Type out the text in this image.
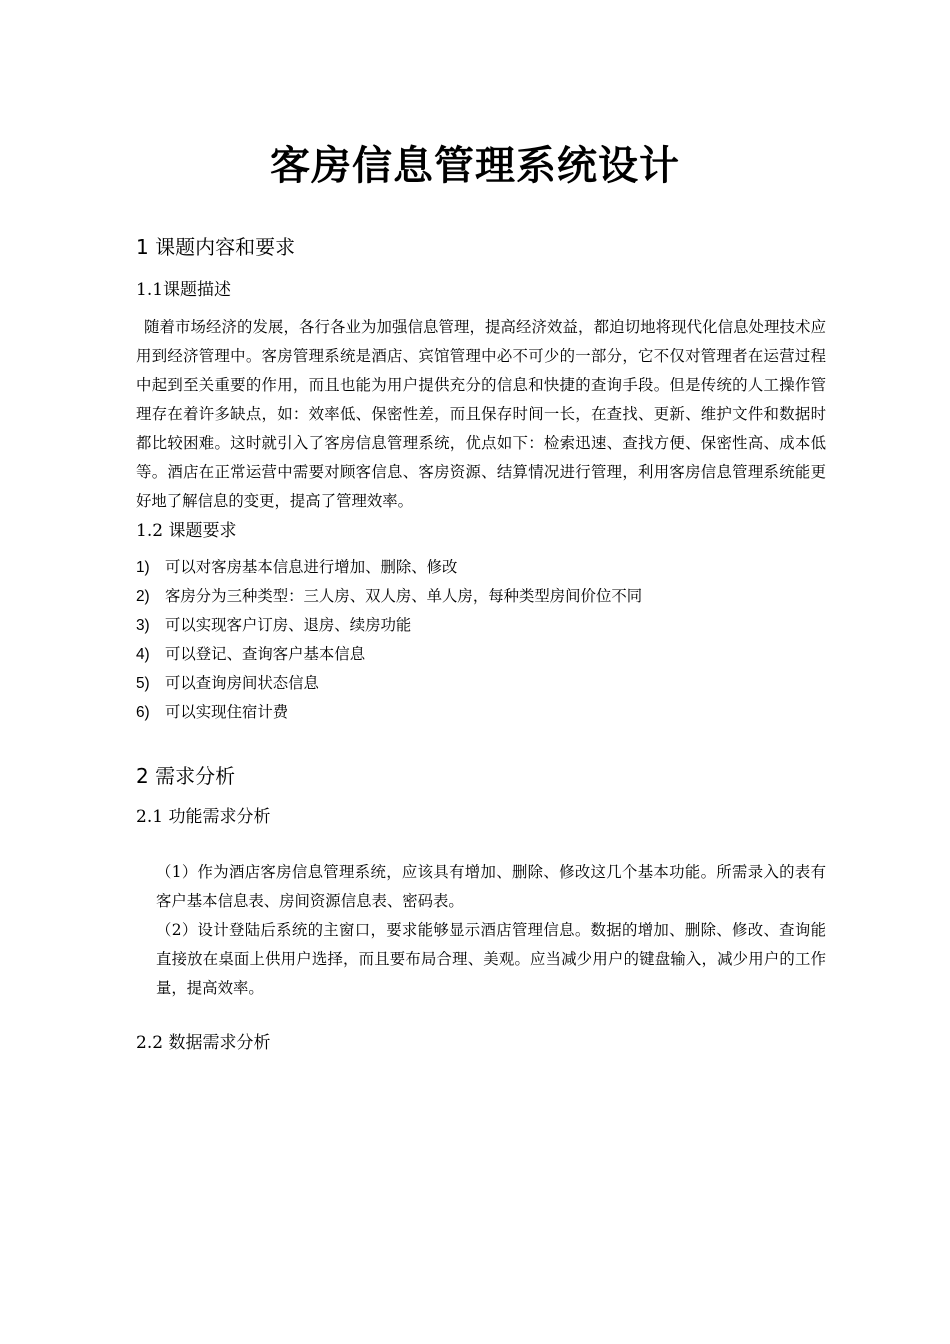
客房信息管理系统设计
1 课题内容和要求
1.1课题描述
随着市场经济的发展，各行各业为加强信息管理，提高经济效益，都迫切地将现代化信息处理技术应用到经济管理中。客房管理系统是酒店、宾馆管理中必不可少的一部分，它不仅对管理者在运营过程中起到至关重要的作用，而且也能为用户提供充分的信息和快捷的查询手段。但是传统的人工操作管理存在着许多缺点，如：效率低、保密性差，而且保存时间一长，在查找、更新、维护文件和数据时都比较困难。这时就引入了客房信息管理系统，优点如下：检索迅速、查找方便、保密性高、成本低等。酒店在正常运营中需要对顾客信息、客房资源、结算情况进行管理，利用客房信息管理系统能更好地了解信息的变更，提高了管理效率。
1.2 课题要求
1) 可以对客房基本信息进行增加、删除、修改
2) 客房分为三种类型：三人房、双人房、单人房，每种类型房间价位不同
3) 可以实现客户订房、退房、续房功能
4) 可以登记、查询客户基本信息
5) 可以查询房间状态信息
6) 可以实现住宿计费
2 需求分析
2.1 功能需求分析
（1）作为酒店客房信息管理系统，应该具有增加、删除、修改这几个基本功能。所需录入的表有客户基本信息表、房间资源信息表、密码表。
（2）设计登陆后系统的主窗口，要求能够显示酒店管理信息。数据的增加、删除、修改、查询能直接放在桌面上供用户选择，而且要布局合理、美观。应当减少用户的键盘输入，减少用户的工作量，提高效率。
2.2 数据需求分析
